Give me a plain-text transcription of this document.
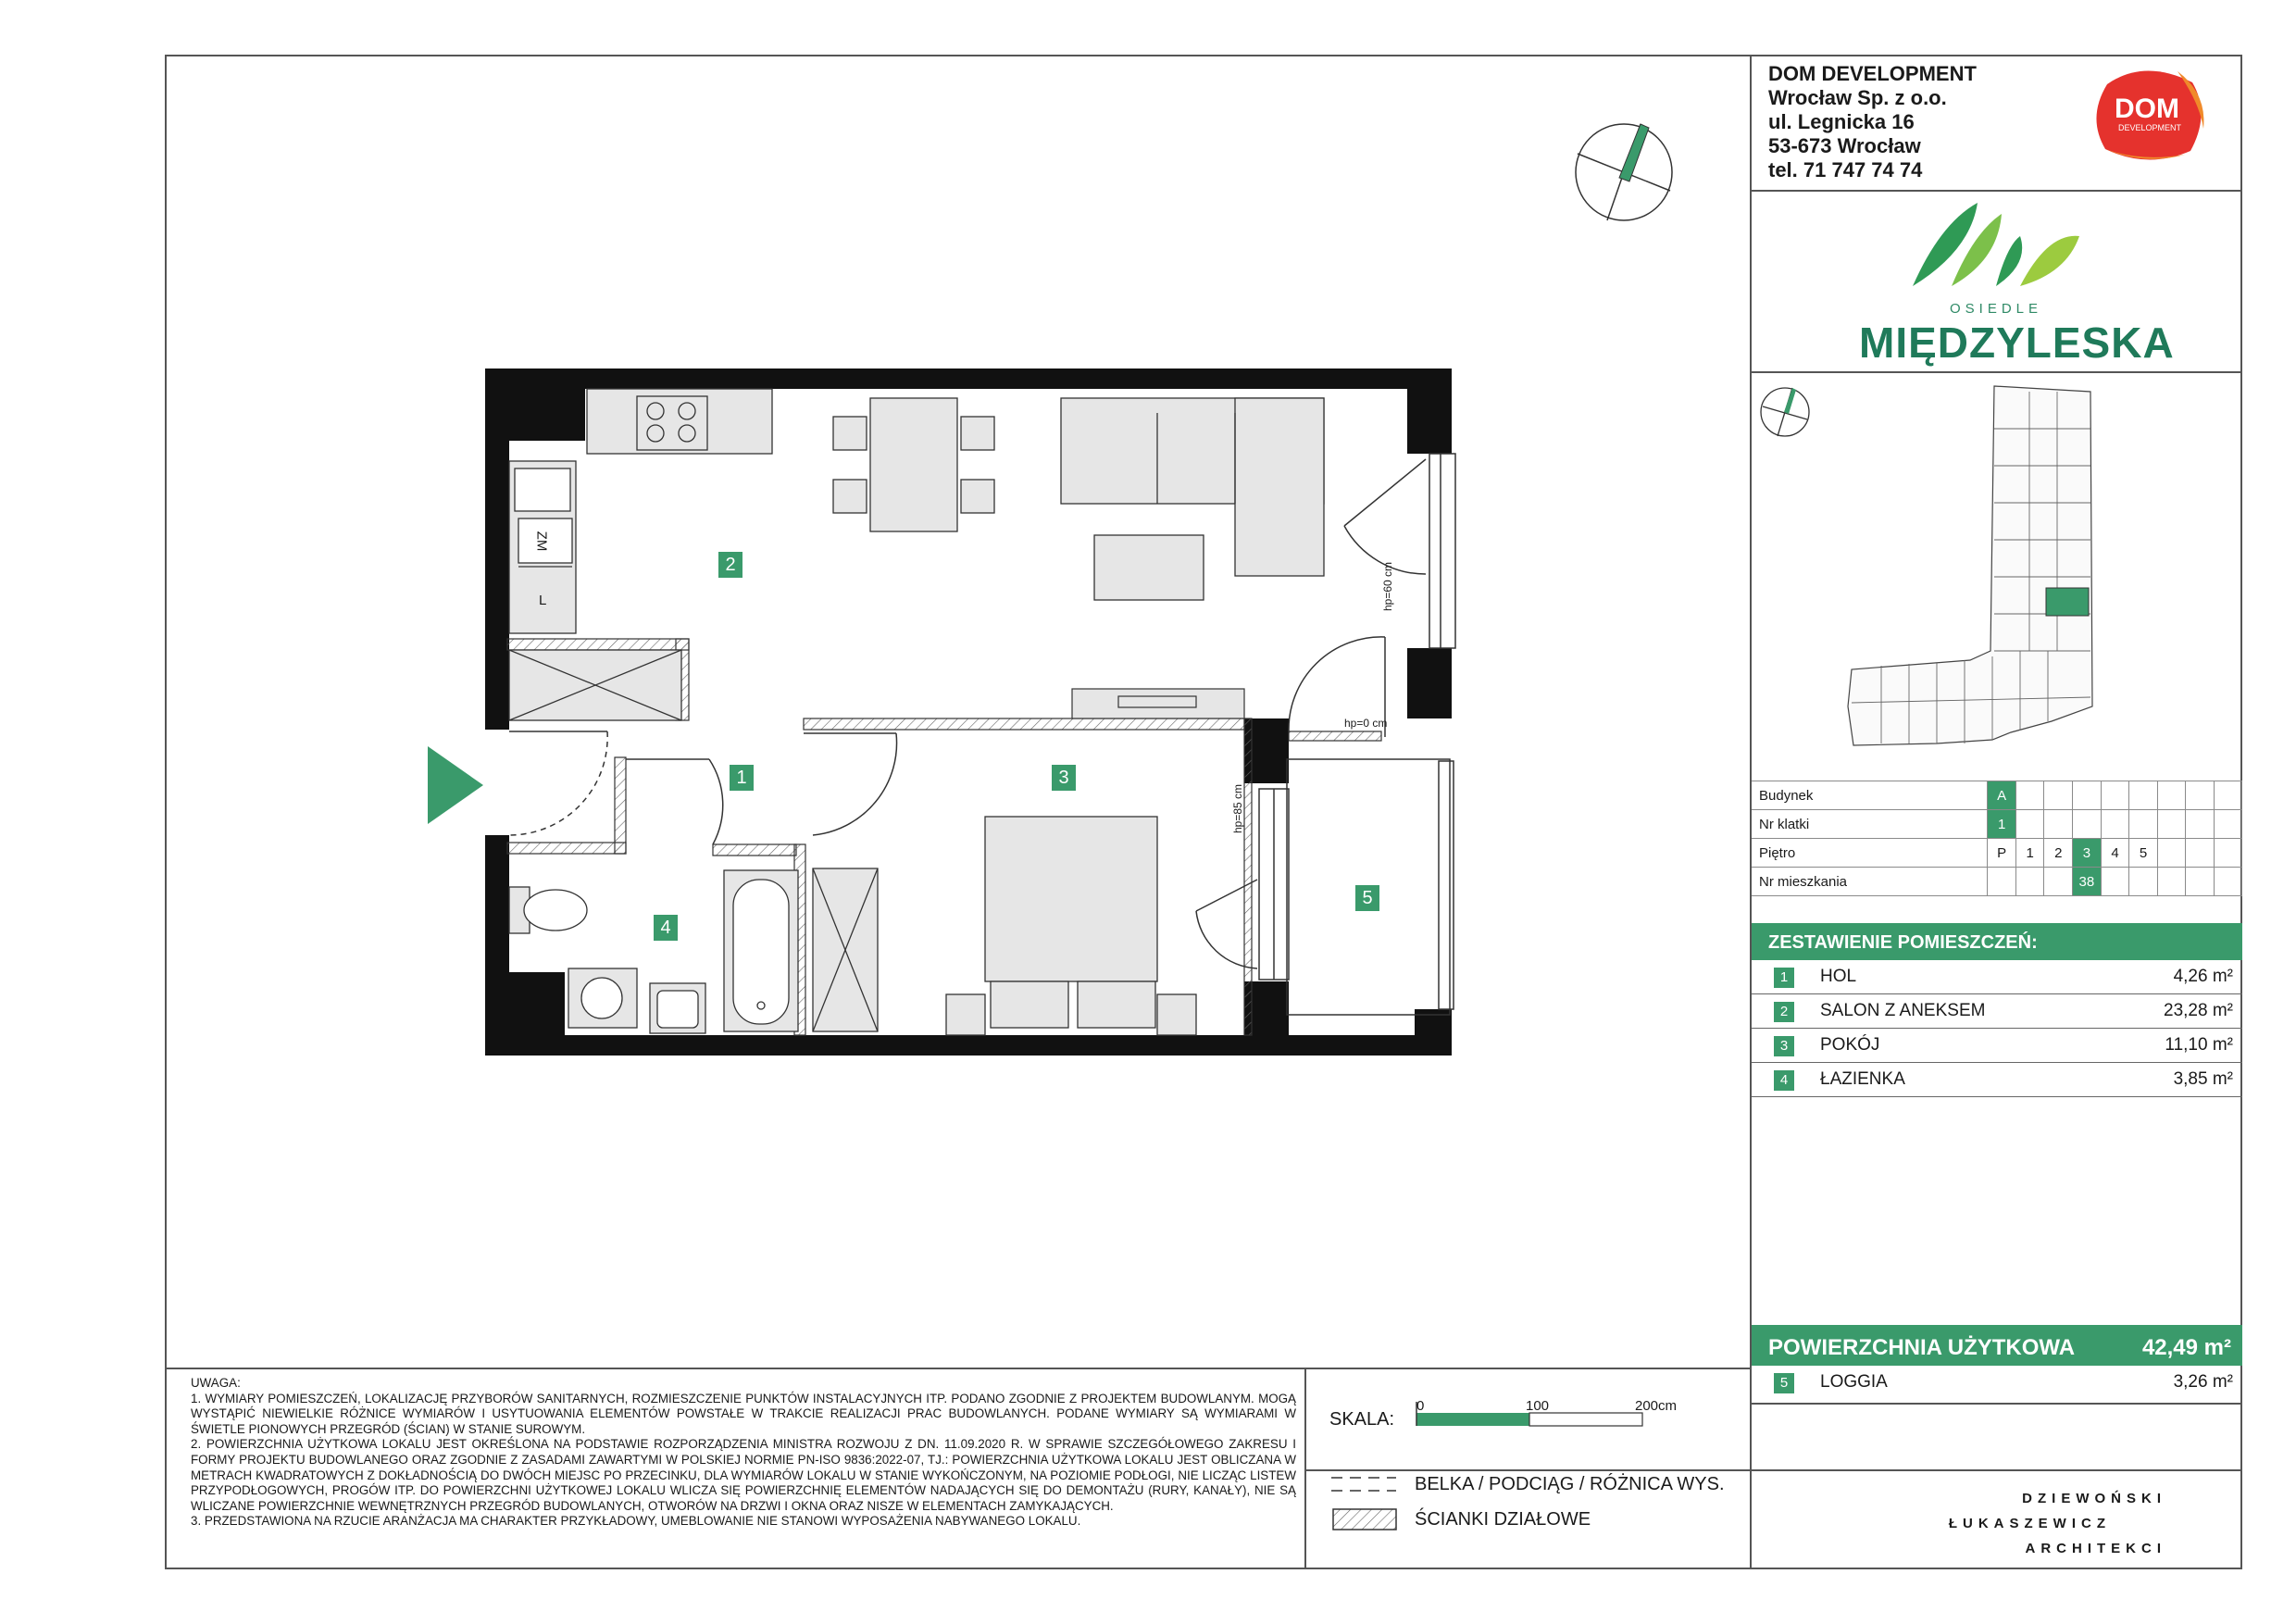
2
1	3
4
5
ZM
L	hp=60 cm
hp=0 cm
hp=85 cm

UWAGA:

1. WYMIARY POMIESZCZEŃ, LOKALIZACJĘ PRZYBORÓW SANITARNYCH, ROZMIESZCZENIE PUNKTÓW INSTALACYJNYCH ITP. PODANO ZGODNIE Z PROJEKTEM BUDOWLANYM. MOGĄ WYSTĄPIĆ NIEWIELKIE RÓŻNICE WYMIARÓW I USYTUOWANIA ELEMENTÓW POWSTAŁE W TRAKCIE REALIZACJI PRAC BUDOWLANYCH. PODANE WYMIARY SĄ WYMIARAMI W ŚWIETLE PIONOWYCH PRZEGRÓD (ŚCIAN) W STANIE SUROWYM.

2. POWIERZCHNIA UŻYTKOWA LOKALU JEST OKREŚLONA NA PODSTAWIE ROZPORZĄDZENIA MINISTRA ROZWOJU Z DN. 11.09.2020 R. W SPRAWIE SZCZEGÓŁOWEGO ZAKRESU I FORMY PROJEKTU BUDOWLANEGO ORAZ ZGODNIE Z ZASADAMI ZAWARTYMI W POLSKIEJ NORMIE PN-ISO 9836:2022-07, TJ.: POWIERZCHNIA UŻYTKOWA LOKALU JEST OBLICZANA W METRACH KWADRATOWYCH Z DOKŁADNOŚCIĄ DO DWÓCH MIEJSC PO PRZECINKU, DLA WYMIARÓW LOKALU W STANIE WYKOŃCZONYM, NA POZIOMIE PODŁOGI, NIE LICZĄC LISTEW PRZYPODŁOGOWYCH, PROGÓW ITP. DO POWIERZCHNI UŻYTKOWEJ LOKALU WLICZA SIĘ POWIERZCHNIĘ ELEMENTÓW NADAJĄCYCH SIĘ DO DEMONTAŻU (RURY, KANAŁY), NIE SĄ WLICZANE POWIERZCHNIE WEWNĘTRZNYCH PRZEGRÓD BUDOWLANYCH, OTWORÓW NA DRZWI I OKNA ORAZ NISZE W ELEMENTACH ZAMYKAJĄCYCH.

3. PRZEDSTAWIONA NA RZUCIE ARANŻACJA MA CHARAKTER PRZYKŁADOWY, UMEBLOWANIE NIE STANOWI WYPOSAŻENIA NABYWANEGO LOKALU.

SKALA:
0	100	200cm
BELKA / PODCIĄG / RÓŻNICA WYS.
ŚCIANKI DZIAŁOWE
DOM DEVELOPMENT
Wrocław Sp. z o.o.
ul. Legnicka 16
53-673 Wrocław
tel. 71 747 74 74
DOM
DEVELOPMENT
OSIEDLE
MIĘDZYLESKA
Budynek	A								
Nr klatki	1								
Piętro	P	1	2	3	4	5			
Nr mieszkania				38					
ZESTAWIENIE POMIESZCZEŃ:
1	HOL	4,26 m²
2	SALON Z ANEKSEM	23,28 m²
3	POKÓJ	11,10 m²
4	ŁAZIENKA	3,85 m²
POWIERZCHNIA UŻYTKOWA	42,49 m²
5	LOGGIA	3,26 m²
DZIEWOŃSKI
ŁUKASZEWICZ
ARCHITEKCI
